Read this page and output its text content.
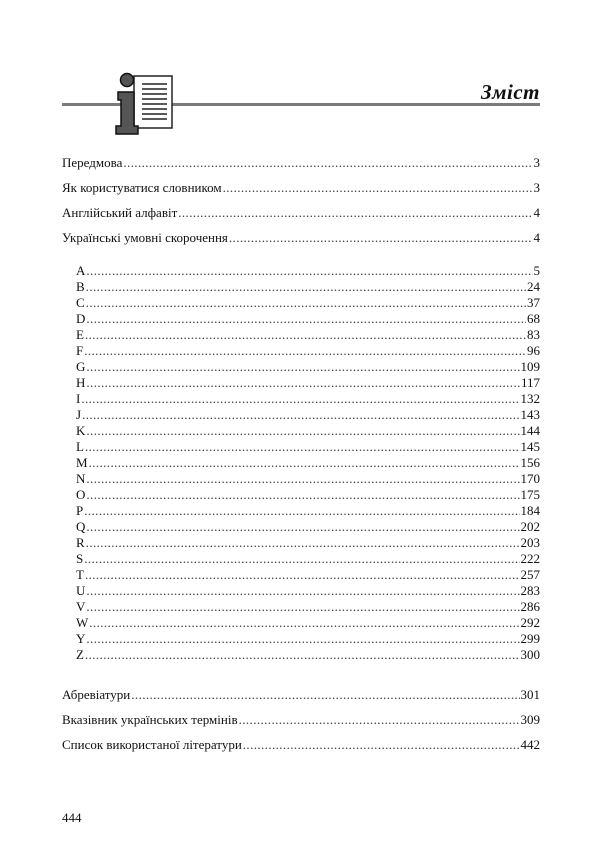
Зміст
Передмова .....	3
Як користуватися словником .....	3
Англійський алфавіт .....	4
Українські умовні скорочення .....	4
A .....	5
B .....	24
C .....	37
D .....	68
E .....	83
F .....	96
G .....	109
H .....	117
I .....	132
J .....	143
K .....	144
L .....	145
M .....	156
N .....	170
O .....	175
P .....	184
Q .....	202
R .....	203
S .....	222
T .....	257
U .....	283
V .....	286
W .....	292
Y .....	299
Z .....	300
Абревіатури .....	301
Вказівник українських термінів .....	309
Список використаної літератури .....	442
444
